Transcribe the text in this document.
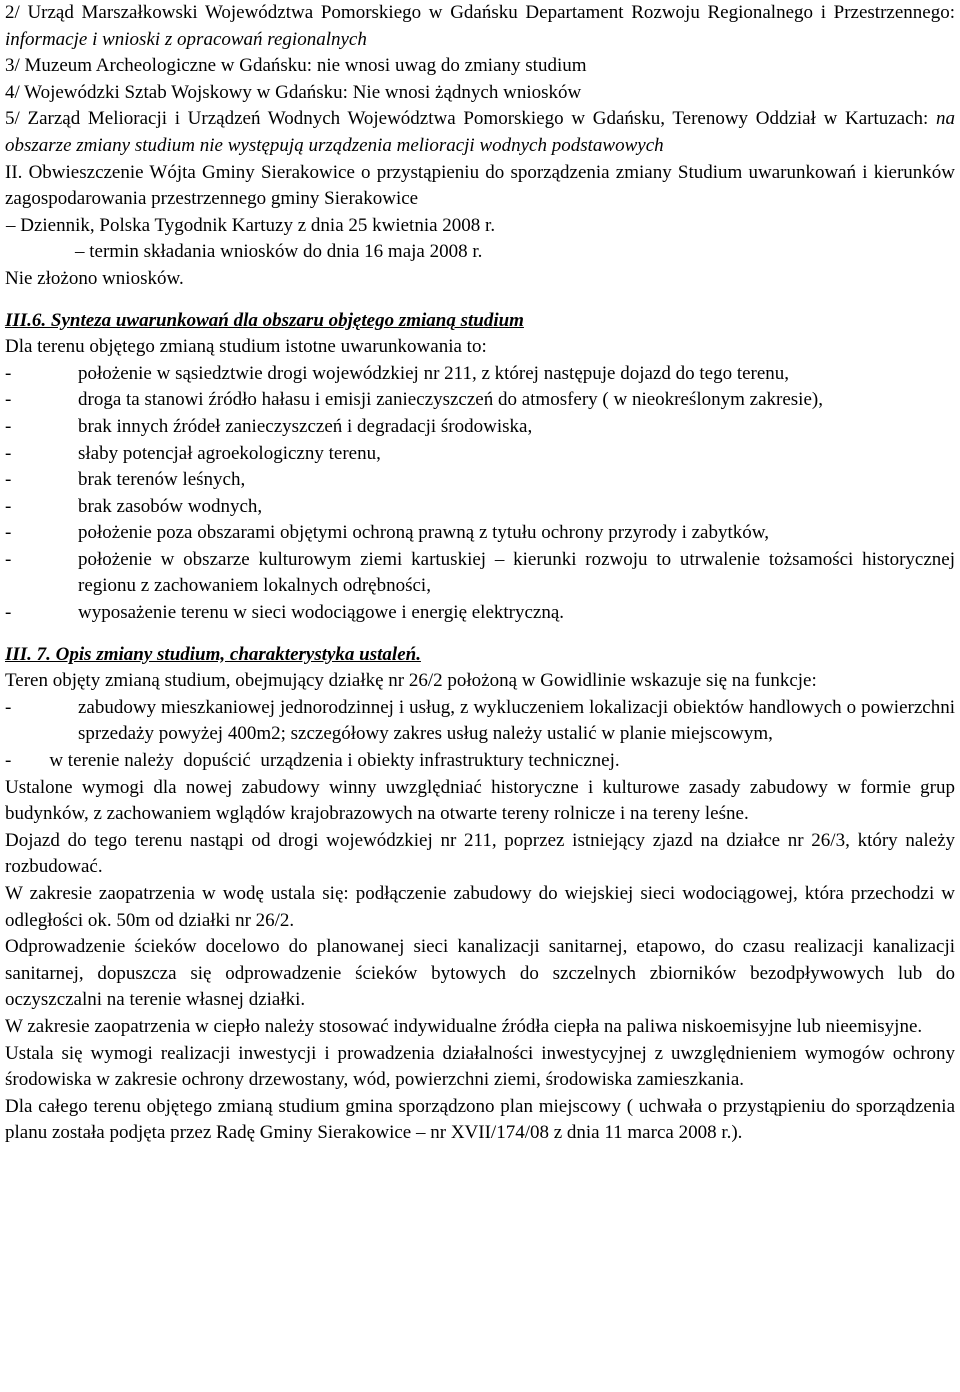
2/ Urząd Marszałkowski Województwa Pomorskiego w Gdańsku Departament Rozwoju Regionalnego i Przestrzennego: informacje i wnioski z opracowań regionalnych

3/ Muzeum Archeologiczne w Gdańsku: nie wnosi uwag do zmiany studium

4/ Wojewódzki Sztab Wojskowy w Gdańsku: Nie wnosi żądnych wniosków

5/ Zarząd Melioracji i Urządzeń Wodnych Województwa Pomorskiego w Gdańsku, Terenowy Oddział w Kartuzach: na obszarze zmiany studium nie występują urządzenia melioracji wodnych podstawowych

II. Obwieszczenie Wójta Gminy Sierakowice o przystąpieniu do sporządzenia zmiany Studium uwarunkowań i kierunków zagospodarowania przestrzennego gminy Sierakowice

– Dziennik, Polska Tygodnik Kartuzy z dnia 25 kwietnia 2008 r.

– termin składania wniosków do dnia 16 maja 2008 r.

Nie złożono wniosków.

III.6. Synteza uwarunkowań dla obszaru objętego zmianą studium

Dla terenu objętego zmianą studium istotne uwarunkowania to:

-	położenie w sąsiedztwie drogi wojewódzkiej nr 211, z której następuje dojazd do tego terenu,
-	droga ta stanowi źródło hałasu i emisji zanieczyszczeń do atmosfery ( w nieokreślonym zakresie),
-	brak innych źródeł zanieczyszczeń i degradacji środowiska,
-	słaby potencjał agroekologiczny terenu,
-	brak terenów leśnych,
-	brak zasobów wodnych,
-	położenie poza obszarami objętymi ochroną prawną z tytułu ochrony przyrody i zabytków,
-	położenie w obszarze kulturowym ziemi kartuskiej – kierunki rozwoju to utrwalenie tożsamości historycznej regionu z zachowaniem lokalnych odrębności,
-	wyposażenie terenu w sieci wodociągowe i energię elektryczną.

III. 7. Opis zmiany studium, charakterystyka ustaleń.

Teren objęty zmianą studium, obejmujący działkę nr 26/2 położoną w Gowidlinie wskazuje się na funkcje:

-	zabudowy mieszkaniowej jednorodzinnej i usług, z wykluczeniem lokalizacji obiektów handlowych o powierzchni sprzedaży powyżej 400m2; szczegółowy zakres usług należy ustalić w planie miejscowym,

-        w terenie należy  dopuścić  urządzenia i obiekty infrastruktury technicznej.

Ustalone wymogi dla nowej zabudowy winny uwzględniać historyczne i kulturowe zasady zabudowy w formie grup budynków, z zachowaniem wglądów krajobrazowych na otwarte tereny rolnicze i na tereny leśne.

Dojazd do tego terenu nastąpi od drogi wojewódzkiej nr 211, poprzez istniejący zjazd na działce nr 26/3, który należy rozbudować.

W zakresie zaopatrzenia w wodę ustala się: podłączenie zabudowy do wiejskiej sieci wodociągowej, która przechodzi w odległości ok. 50m od działki nr 26/2.

Odprowadzenie ścieków docelowo do planowanej sieci kanalizacji sanitarnej, etapowo, do czasu realizacji kanalizacji sanitarnej, dopuszcza się odprowadzenie ścieków bytowych do szczelnych zbiorników bezodpływowych lub do oczyszczalni na terenie własnej działki.

W zakresie zaopatrzenia w ciepło należy stosować indywidualne źródła ciepła na paliwa niskoemisyjne lub nieemisyjne.

Ustala się wymogi realizacji inwestycji i prowadzenia działalności inwestycyjnej z uwzględnieniem wymogów ochrony środowiska w zakresie ochrony drzewostany, wód, powierzchni ziemi, środowiska zamieszkania.

Dla całego terenu objętego zmianą studium gmina sporządzono plan miejscowy ( uchwała o przystąpieniu do sporządzenia planu została podjęta przez Radę Gminy Sierakowice – nr XVII/174/08 z dnia 11 marca 2008 r.).
